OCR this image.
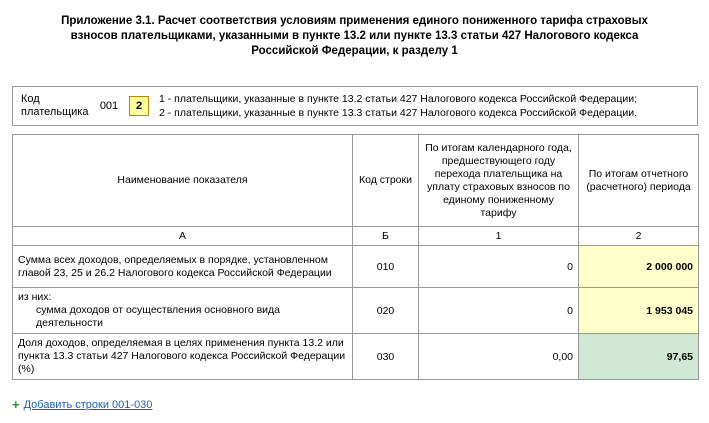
Приложение 3.1. Расчет соответствия условиям применения единого пониженного тарифа страховых взносов плательщиками, указанными в пункте 13.2 или пункте 13.3 статьи 427 Налогового кодекса Российской Федерации, к разделу 1
Код плательщика	001	2
1 - плательщики, указанные в пункте 13.2 статьи 427 Налогового кодекса Российской Федерации;
2 - плательщики, указанные в пункте 13.3 статьи 427 Налогового кодекса Российской Федерации.
Наименование показателя	Код строки	По итогам календарного года, предшествующего году перехода плательщика на уплату страховых взносов по единому пониженному тарифу	По итогам отчетного (расчетного) периода
А	Б	1	2
Сумма всех доходов, определяемых в порядке, установленном главой 23, 25 и 26.2 Налогового кодекса Российской Федерации	010	0	2 000 000

из них:
сумма доходов от осуществления основного вида деятельности	020	0	1 953 045
Доля доходов, определяемая в целях применения пункта 13.2 или пункта 13.3 статьи 427 Налогового кодекса Российской Федерации (%)	030	0,00	97,65
+ Добавить строки 001-030
